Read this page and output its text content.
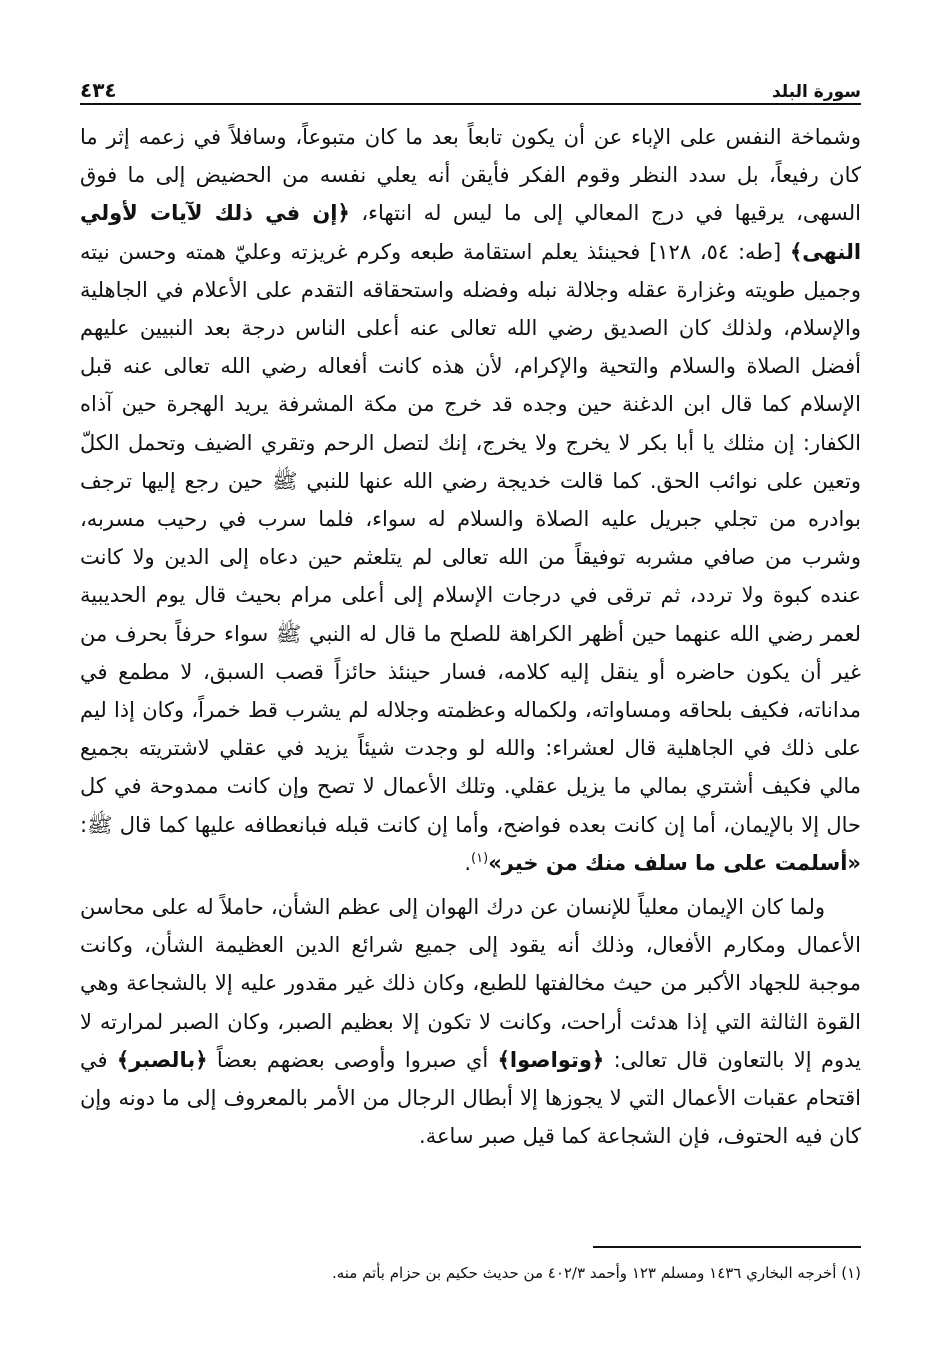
سورة البلد
٤٣٤

وشماخة النفس على الإباء عن أن يكون تابعاً بعد ما كان متبوعاً، وسافلاً في زعمه إثر ما كان رفيعاً، بل سدد النظر وقوم الفكر فأيقن أنه يعلي نفسه من الحضيض إلى ما فوق السهى، يرقيها في درج المعالي إلى ما ليس له انتهاء، ﴿إن في ذلك لآيات لأولي النهى﴾ [طه: ٥٤، ١٢٨] فحينئذ يعلم استقامة طبعه وكرم غريزته وعليّ همته وحسن نيته وجميل طويته وغزارة عقله وجلالة نبله وفضله واستحقاقه التقدم على الأعلام في الجاهلية والإسلام، ولذلك كان الصديق رضي الله تعالى عنه أعلى الناس درجة بعد النبيين عليهم أفضل الصلاة والسلام والتحية والإكرام، لأن هذه كانت أفعاله رضي الله تعالى عنه قبل الإسلام كما قال ابن الدغنة حين وجده قد خرج من مكة المشرفة يريد الهجرة حين آذاه الكفار: إن مثلك يا أبا بكر لا يخرج ولا يخرج، إنك لتصل الرحم وتقري الضيف وتحمل الكلّ وتعين على نوائب الحق. كما قالت خديجة رضي الله عنها للنبي ﷺ حين رجع إليها ترجف بوادره من تجلي جبريل عليه الصلاة والسلام له سواء، فلما سرب في رحيب مسربه، وشرب من صافي مشربه توفيقاً من الله تعالى لم يتلعثم حين دعاه إلى الدين ولا كانت عنده كبوة ولا تردد، ثم ترقى في درجات الإسلام إلى أعلى مرام بحيث قال يوم الحديبية لعمر رضي الله عنهما حين أظهر الكراهة للصلح ما قال له النبي ﷺ سواء حرفاً بحرف من غير أن يكون حاضره أو ينقل إليه كلامه، فسار حينئذ حائزاً قصب السبق، لا مطمع في مداناته، فكيف بلحاقه ومساواته، ولكماله وعظمته وجلاله لم يشرب قط خمراً، وكان إذا ليم على ذلك في الجاهلية قال لعشراء: والله لو وجدت شيئاً يزيد في عقلي لاشتريته بجميع مالي فكيف أشتري بمالي ما يزيل عقلي. وتلك الأعمال لا تصح وإن كانت ممدوحة في كل حال إلا بالإيمان، أما إن كانت بعده فواضح، وأما إن كانت قبله فبانعطافه عليها كما قال ﷺ: «أسلمت على ما سلف منك من خير»$^{(١)}$.

ولما كان الإيمان معلياً للإنسان عن درك الهوان إلى عظم الشأن، حاملاً له على محاسن الأعمال ومكارم الأفعال، وذلك أنه يقود إلى جميع شرائع الدين العظيمة الشأن، وكانت موجبة للجهاد الأكبر من حيث مخالفتها للطبع، وكان ذلك غير مقدور عليه إلا بالشجاعة وهي القوة الثالثة التي إذا هدئت أراحت، وكانت لا تكون إلا بعظيم الصبر، وكان الصبر لمرارته لا يدوم إلا بالتعاون قال تعالى: ﴿وتواصوا﴾ أي صبروا وأوصى بعضهم بعضاً ﴿بالصبر﴾ في اقتحام عقبات الأعمال التي لا يجوزها إلا أبطال الرجال من الأمر بالمعروف إلى ما دونه وإن كان فيه الحتوف، فإن الشجاعة كما قيل صبر ساعة.

(١) أخرجه البخاري ١٤٣٦ ومسلم ١٢٣ وأحمد ٤٠٢/٣ من حديث حكيم بن حزام بأتم منه.
